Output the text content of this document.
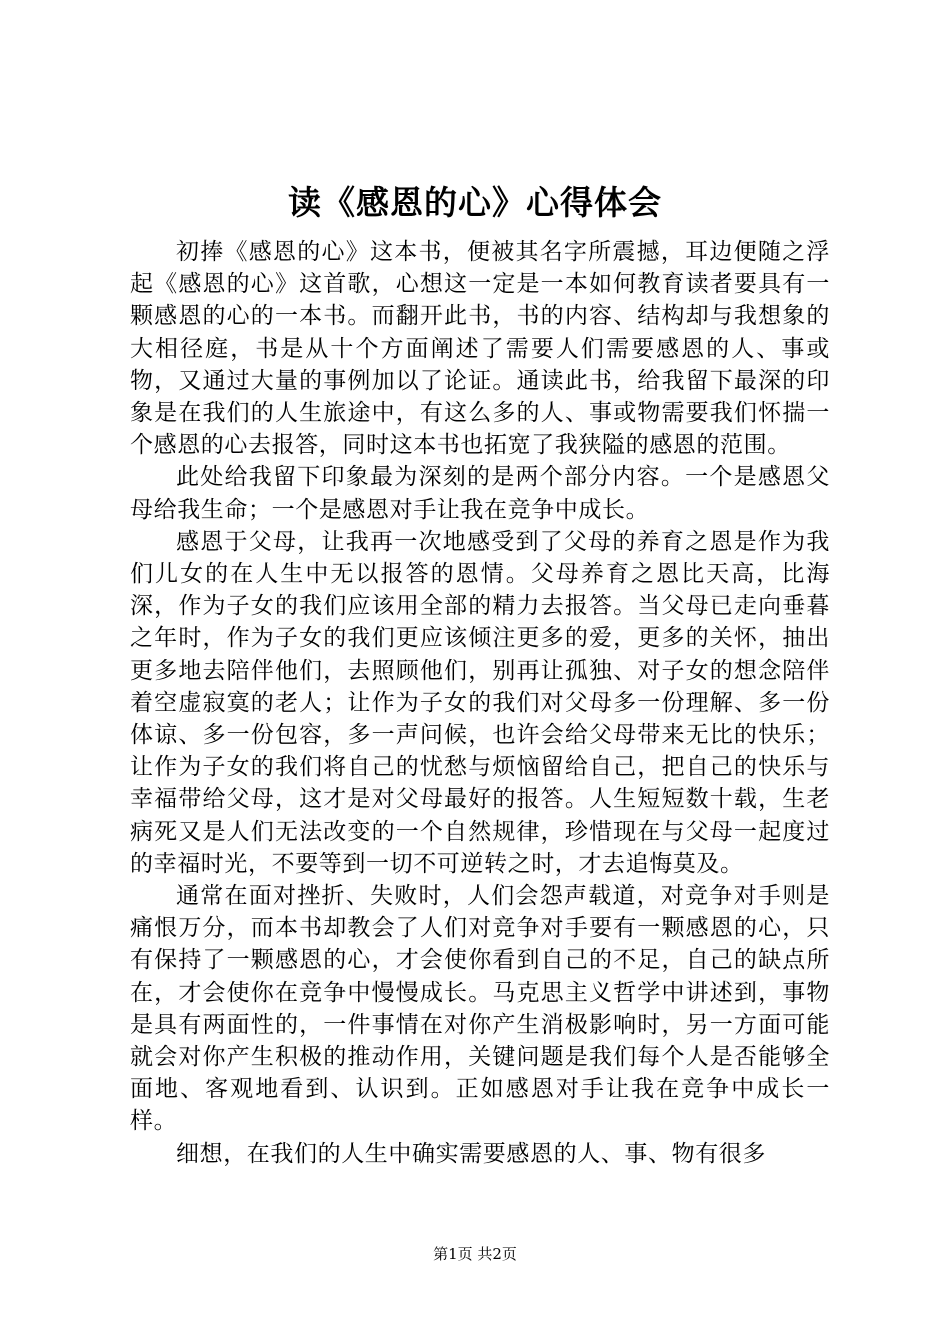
读《感恩的心》心得体会

初捧《感恩的心》这本书，便被其名字所震撼，耳边便随之浮起《感恩的心》这首歌，心想这一定是一本如何教育读者要具有一颗感恩的心的一本书。而翻开此书，书的内容、结构却与我想象的大相径庭，书是从十个方面阐述了需要人们需要感恩的人、事或物，又通过大量的事例加以了论证。通读此书，给我留下最深的印象是在我们的人生旅途中，有这么多的人、事或物需要我们怀揣一个感恩的心去报答，同时这本书也拓宽了我狭隘的感恩的范围。

此处给我留下印象最为深刻的是两个部分内容。一个是感恩父母给我生命；一个是感恩对手让我在竞争中成长。

感恩于父母，让我再一次地感受到了父母的养育之恩是作为我们儿女的在人生中无以报答的恩情。父母养育之恩比天高，比海深，作为子女的我们应该用全部的精力去报答。当父母已走向垂暮之年时，作为子女的我们更应该倾注更多的爱，更多的关怀，抽出更多地去陪伴他们，去照顾他们，别再让孤独、对子女的想念陪伴着空虚寂寞的老人；让作为子女的我们对父母多一份理解、多一份体谅、多一份包容，多一声问候，也许会给父母带来无比的快乐；让作为子女的我们将自己的忧愁与烦恼留给自己，把自己的快乐与幸福带给父母，这才是对父母最好的报答。人生短短数十载，生老病死又是人们无法改变的一个自然规律，珍惜现在与父母一起度过的幸福时光，不要等到一切不可逆转之时，才去追悔莫及。

通常在面对挫折、失败时，人们会怨声载道，对竞争对手则是痛恨万分，而本书却教会了人们对竞争对手要有一颗感恩的心，只有保持了一颗感恩的心，才会使你看到自己的不足，自己的缺点所在，才会使你在竞争中慢慢成长。马克思主义哲学中讲述到，事物是具有两面性的，一件事情在对你产生消极影响时，另一方面可能就会对你产生积极的推动作用，关键问题是我们每个人是否能够全面地、客观地看到、认识到。正如感恩对手让我在竞争中成长一样。

细想，在我们的人生中确实需要感恩的人、事、物有很多

第1页 共2页
